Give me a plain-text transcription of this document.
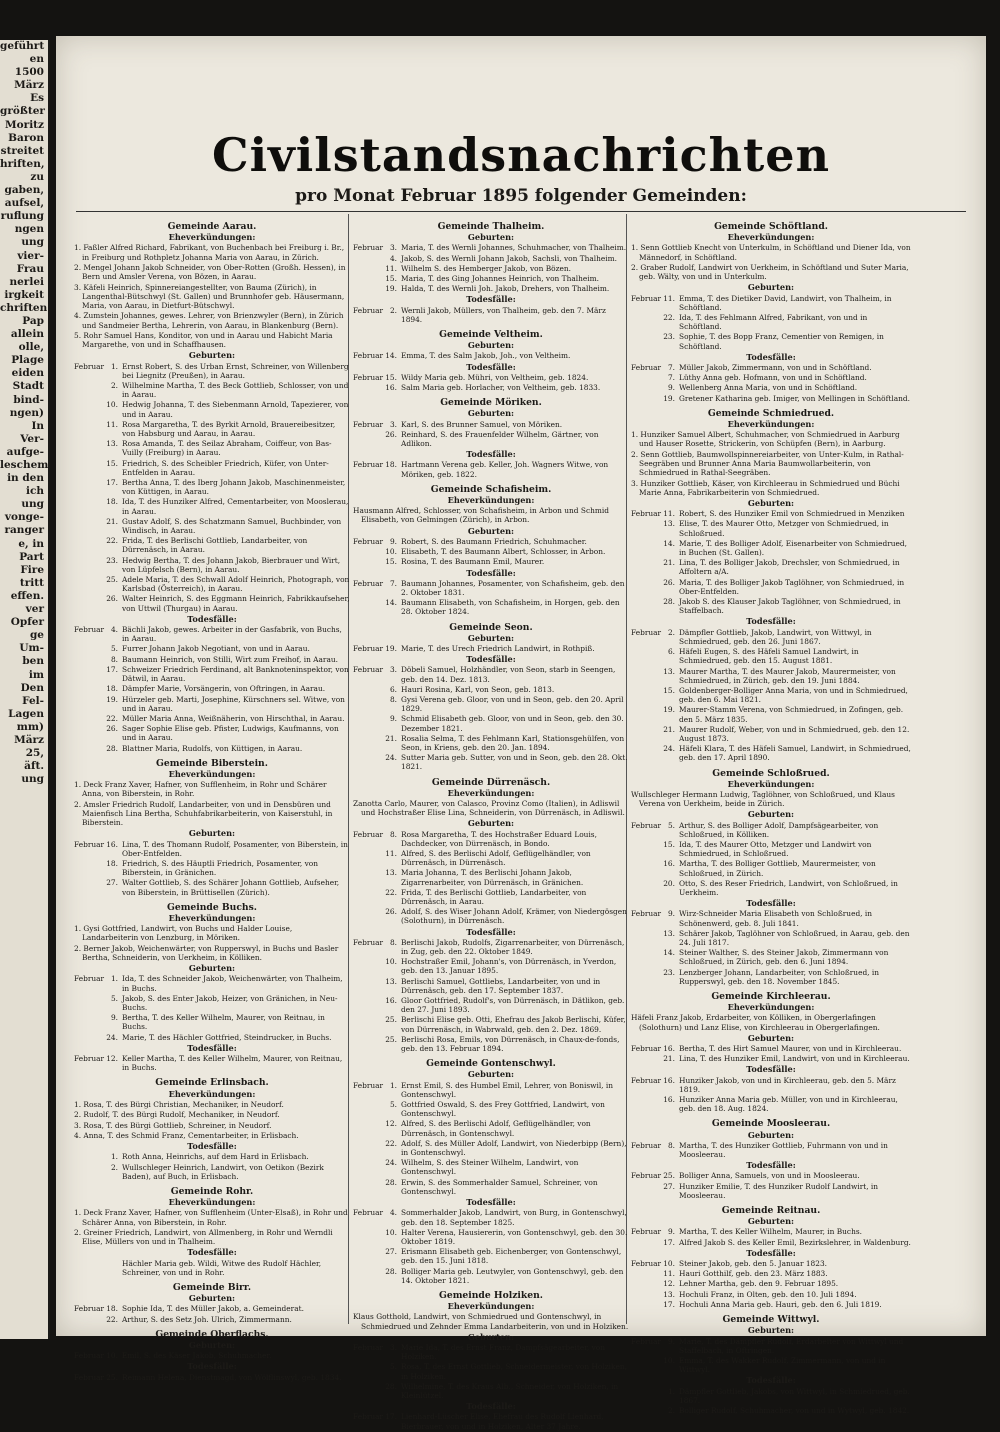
geführt
en
1500
März
Es
größter
Moritz
Baron
streitet
hriften,
zu
gaben,
aufsel,
ruflung
ngen
ung
vier-
Frau
nerlei
irgkeit
chriften
Pap
allein
olle,
Plage
eiden
Stadt
bind-
ngen)
In
Ver-
aufge-
leschem
in den
ich
ung
vonge-
ranger
e, in
Part
Fire
tritt
effen.
ver
Opfer
ge
Um-
ben
im
Den
Fel-
Lagen
mm)
März
25,
äft.
ung
Civilstandsnachrichten
pro Monat Februar 1895 folgender Gemeinden:
Gemeinde Aarau.
Eheverkündungen:
1. Faßler Alfred Richard, Fabrikant, von Buchenbach bei Freiburg i. Br., in Freiburg und Rothpletz Johanna Maria von Aarau, in Zürich.
2. Mengel Johann Jakob Schneider, von Ober-Rotten (Großh. Hessen), in Bern und Amsler Verena, von Bözen, in Aarau.
3. Käfeli Heinrich, Spinnereiangestellter, von Bauma (Zürich), in Langenthal-Bütschwyl (St. Gallen) und Brunnhofer geb. Häusermann, Maria, von Aarau, in Dietfurt-Bütschwyl.
4. Zumstein Johannes, gewes. Lehrer, von Brienzwyler (Bern), in Zürich und Sandmeier Bertha, Lehrerin, von Aarau, in Blankenburg (Bern).
5. Rohr Samuel Hans, Konditor, von und in Aarau und Habicht Maria Margarethe, von und in Schaffhausen.
Geburten:
Februar 1. Ernst Robert, S. des Urban Ernst, Schreiner, von Willenberg bei Liegnitz (Preußen), in Aarau.
2. Wilhelmine Martha, T. des Beck Gottlieb, Schlosser, von und in Aarau.
10. Hedwig Johanna, T. des Siebenmann Arnold, Tapezierer, von und in Aarau.
11. Rosa Margaretha, T. des Byrkit Arnold, Brauereibesitzer, von Habsburg und Aarau, in Aarau.
13. Rosa Amanda, T. des Seilaz Abraham, Coiffeur, von Bas-Vuilly (Freiburg) in Aarau.
15. Friedrich, S. des Scheibler Friedrich, Küfer, von Unter-Entfelden in Aarau.
17. Bertha Anna, T. des Iberg Johann Jakob, Maschinenmeister, von Küttigen, in Aarau.
18. Ida, T. des Hunziker Alfred, Cementarbeiter, von Mooslerau, in Aarau.
21. Gustav Adolf, S. des Schatzmann Samuel, Buchbinder, von Windisch, in Aarau.
22. Frida, T. des Berlischi Gottlieb, Landarbeiter, von Dürrenäsch, in Aarau.
23. Hedwig Bertha, T. des Johann Jakob, Bierbrauer und Wirt, von Lüpfelsch (Bern), in Aarau.
25. Adele Maria, T. des Schwall Adolf Heinrich, Photograph, von Karlsbad (Österreich), in Aarau.
26. Walter Heinrich, S. des Eggmann Heinrich, Fabrikkaufseher, von Uttwil (Thurgau) in Aarau.
Todesfälle:
Februar 4. Bächli Jakob, gewes. Arbeiter in der Gasfabrik, von Buchs, in Aarau.
5. Furrer Johann Jakob Negotiant, von und in Aarau.
8. Baumann Heinrich, von Stilli, Wirt zum Freihof, in Aarau.
17. Schweizer Friedrich Ferdinand, alt Banknoteninspektor, von Dätwil, in Aarau.
18. Dämpfer Marie, Vorsängerin, von Oftringen, in Aarau.
19. Hürzeler geb. Marti, Josephine, Kürschners sel. Witwe, von und in Aarau.
22. Müller Maria Anna, Weißnäherin, von Hirschthal, in Aarau.
26. Sager Sophie Elise geb. Pfister, Ludwigs, Kaufmanns, von und in Aarau.
28. Blattner Maria, Rudolfs, von Küttigen, in Aarau.
Gemeinde Biberstein.
Eheverkündungen:
1. Deck Franz Xaver, Hafner, von Sufflenheim, in Rohr und Schärer Anna, von Biberstein, in Rohr.
2. Amsler Friedrich Rudolf, Landarbeiter, von und in Densbüren und Maienfisch Lina Bertha, Schuhfabrikarbeiterin, von Kaiserstuhl, in Biberstein.
Geburten:
Februar 16. Lina, T. des Thomann Rudolf, Posamenter, von Biberstein, in Ober-Entfelden.
18. Friedrich, S. des Häuptli Friedrich, Posamenter, von Biberstein, in Gränichen.
27. Walter Gottlieb, S. des Schärer Johann Gottlieb, Aufseher, von Biberstein, in Brüttisellen (Zürich).
Gemeinde Buchs.
Eheverkündungen:
1. Gysi Gottfried, Landwirt, von Buchs und Halder Louise, Landarbeiterin von Lenzburg, in Möriken.
2. Berner Jakob, Weichenwärter, von Rupperswyl, in Buchs und Basler Bertha, Schneiderin, von Uerkheim, in Kölliken.
Geburten:
Februar 1. Ida, T. des Schneider Jakob, Weichenwärter, von Thalheim, in Buchs.
5. Jakob, S. des Enter Jakob, Heizer, von Gränichen, in Neu-Buchs.
9. Bertha, T. des Keller Wilhelm, Maurer, von Reitnau, in Buchs.
24. Marie, T. des Hächler Gottfried, Steindrucker, in Buchs.
Todesfälle:
Februar 12. Keller Martha, T. des Keller Wilhelm, Maurer, von Reitnau, in Buchs.
Gemeinde Erlinsbach.
Eheverkündungen:
1. Rosa, T. des Bürgi Christian, Mechaniker, in Neudorf.
2. Rudolf, T. des Bürgi Rudolf, Mechaniker, in Neudorf.
3. Rosa, T. des Bürgi Gottlieb, Schreiner, in Neudorf.
4. Anna, T. des Schmid Franz, Cementarbeiter, in Erlisbach.
Todesfälle:
1. Roth Anna, Heinrichs, auf dem Hard in Erlisbach.
2. Wullschleger Heinrich, Landwirt, von Oetikon (Bezirk Baden), auf Buch, in Erlisbach.
Gemeinde Rohr.
Eheverkündungen:
1. Deck Franz Xaver, Hafner, von Sufflenheim (Unter-Elsaß), in Rohr und Schärer Anna, von Biberstein, in Rohr.
2. Greiner Friedrich, Landwirt, von Allmenberg, in Rohr und Werndli Elise, Müllers von und in Thalheim.
Todesfälle:
Hächler Maria geb. Wildi, Witwe des Rudolf Hächler, Schreiner, von und in Rohr.
Gemeinde Birr.
Geburten:
Februar 18. Sophie Ida, T. des Müller Jakob, a. Gemeinderat.
22. Arthur, S. des Setz Joh. Ulrich, Zimmermann.
Gemeinde Oberflachs.
Geburten:
Februar 10. Emil, S. des Käser Jakob, Schuhmacher.
Todesfälle:
Februar 25. Reimann Helena, Dienstmagd, von Wölflinswyl, geb. 1834.
Gemeinde Thalheim.
Geburten:
Februar 3. Maria, T. des Wernli Johannes, Schuhmacher, von Thalheim.
4. Jakob, S. des Wernli Johann Jakob, Sachsli, von Thalheim.
11. Wilhelm S. des Hemberger Jakob, von Bözen.
15. Maria, T. des Ging Johannes Heinrich, von Thalheim.
19. Halda, T. des Wernli Joh. Jakob, Drehers, von Thalheim.
Todesfälle:
Februar 2. Wernli Jakob, Müllers, von Thalheim, geb. den 7. März 1894.
Gemeinde Veltheim.
Geburten:
Februar 14. Emma, T. des Salm Jakob, Joh., von Veltheim.
Todesfälle:
Februar 15. Wildy Maria geb. Mühri, von Veltheim, geb. 1824.
16. Salm Maria geb. Horlacher, von Veltheim, geb. 1833.
Gemeinde Möriken.
Geburten:
Februar 3. Karl, S. des Brunner Samuel, von Möriken.
26. Reinhard, S. des Frauenfelder Wilhelm, Gärtner, von Adlikon.
Todesfälle:
Februar 18. Hartmann Verena geb. Keller, Joh. Wagners Witwe, von Möriken, geb. 1822.
Gemeinde Schafisheim.
Eheverkündungen:
Hausmann Alfred, Schlosser, von Schafisheim, in Arbon und Schmid Elisabeth, von Gelmingen (Zürich), in Arbon.
Geburten:
Februar 9. Robert, S. des Baumann Friedrich, Schuhmacher.
10. Elisabeth, T. des Baumann Albert, Schlosser, in Arbon.
15. Rosina, T. des Baumann Emil, Maurer.
Todesfälle:
Februar 7. Baumann Johannes, Posamenter, von Schafisheim, geb. den 2. Oktober 1831.
14. Baumann Elisabeth, von Schafisheim, in Horgen, geb. den 28. Oktober 1824.
Gemeinde Seon.
Geburten:
Februar 19. Marie, T. des Urech Friedrich Landwirt, in Rothpiß.
Todesfälle:
Februar 3. Döbeli Samuel, Holzhändler, von Seon, starb in Seengen, geb. den 14. Dez. 1813.
6. Hauri Rosina, Karl, von Seon, geb. 1813.
8. Gysi Verena geb. Gloor, von und in Seon, geb. den 20. April 1829.
9. Schmid Elisabeth geb. Gloor, von und in Seon, geb. den 30. Dezember 1821.
21. Rosalia Selma, T. des Fehlmann Karl, Stationsgehülfen, von Seon, in Kriens, geb. den 20. Jan. 1894.
24. Sutter Maria geb. Sutter, von und in Seon, geb. den 28. Okt. 1821.
Gemeinde Dürrenäsch.
Eheverkündungen:
Zanotta Carlo, Maurer, von Calasco, Provinz Como (Italien), in Adliswil und Hochstraßer Elise Lina, Schneiderin, von Dürrenäsch, in Adliswil.
Geburten:
Februar 8. Rosa Margaretha, T. des Hochstraßer Eduard Louis, Dachdecker, von Dürrenäsch, in Bondo.
11. Alfred, S. des Berlischi Adolf, Geflügelhändler, von Dürrenäsch, in Dürrenäsch.
13. Maria Johanna, T. des Berlischi Johann Jakob, Zigarrenarbeiter, von Dürrenäsch, in Gränichen.
22. Frida, T. des Berlischi Gottlieb, Landarbeiter, von Dürrenäsch, in Aarau.
26. Adolf, S. des Wiser Johann Adolf, Krämer, von Niedergösgen (Solothurn), in Dürrenäsch.
Todesfälle:
Februar 8. Berlischi Jakob, Rudolfs, Zigarrenarbeiter, von Dürrenäsch, in Zug, geb. den 22. Oktober 1849.
10. Hochstraßer Emil, Johann's, von Dürrenäsch, in Yverdon, geb. den 13. Januar 1895.
13. Berlischi Samuel, Gottliebs, Landarbeiter, von und in Dürrenäsch, geb. den 17. September 1837.
16. Gloor Gottfried, Rudolf's, von Dürrenäsch, in Dätlikon, geb. den 27. Juni 1893.
25. Berlischi Elise geb. Otti, Ehefrau des Jakob Berlischi, Küfer, von Dürrenäsch, in Wabrwald, geb. den 2. Dez. 1869.
25. Berlischi Rosa, Emils, von Dürrenäsch, in Chaux-de-fonds, geb. den 13. Februar 1894.
Gemeinde Gontenschwyl.
Geburten:
Februar 1. Ernst Emil, S. des Humbel Emil, Lehrer, von Boniswil, in Gontenschwyl.
5. Gottfried Oswald, S. des Frey Gottfried, Landwirt, von Gontenschwyl.
12. Alfred, S. des Berlischi Adolf, Geflügelhändler, von Dürrenäsch, in Gontenschwyl.
22. Adolf, S. des Müller Adolf, Landwirt, von Niederbipp (Bern), in Gontenschwyl.
24. Wilhelm, S. des Steiner Wilhelm, Landwirt, von Gontenschwyl.
28. Erwin, S. des Sommerhalder Samuel, Schreiner, von Gontenschwyl.
Todesfälle:
Februar 4. Sommerhalder Jakob, Landwirt, von Burg, in Gontenschwyl, geb. den 18. September 1825.
10. Halter Verena, Hausiererin, von Gontenschwyl, geb. den 30. Oktober 1819.
27. Erismann Elisabeth geb. Eichenberger, von Gontenschwyl, geb. den 15. Juni 1818.
28. Bolliger Maria geb. Leutwyler, von Gontenschwyl, geb. den 14. Oktober 1821.
Gemeinde Holziken.
Eheverkündungen:
Klaus Gotthold, Landwirt, von Schmiedrued und Gontenschwyl, in Schmiedrued und Zehnder Emma Landarbeiterin, von und in Holziken.
Geburten:
Februar 3. Marie Ida, T. des Ernst Franz, Dampfsägearbeiter, von Holziken.
5. Rosa, T. des Ernst Gottlieb, Schneidermeister, von Holziken, in Holziken.
28. Wilhelmine, T. des Kraus Alb., Schneider, von Holziken, in Kleinlützel.
Todesfälle:
Februar 17. Lienhard-Lüscher Elise, Ehefrau des Rudolf Lienhard, Bierbrauer, von und in Holziken, Alter 37 Jahre.
Gemeinde Schöftland.
Eheverkündungen:
1. Senn Gottlieb Knecht von Unterkulm, in Schöftland und Diener Ida, von Männedorf, in Schöftland.
2. Graber Rudolf, Landwirt von Uerkheim, in Schöftland und Suter Maria, geb. Wälty, von und in Unterkulm.
Geburten:
Februar 11. Emma, T. des Dietiker David, Landwirt, von Thalheim, in Schöftland.
22. Ida, T. des Fehlmann Alfred, Fabrikant, von und in Schöftland.
23. Sophie, T. des Bopp Franz, Cementier von Remigen, in Schöftland.
Todesfälle:
Februar 7. Müller Jakob, Zimmermann, von und in Schöftland.
7. Lüthy Anna geb. Hofmann, von und in Schöftland.
9. Wellenberg Anna Maria, von und in Schöftland.
19. Gretener Katharina geb. Imiger, von Mellingen in Schöftland.
Gemeinde Schmiedrued.
Eheverkündungen:
1. Hunziker Samuel Albert, Schuhmacher, von Schmiedrued in Aarburg und Hauser Rosette, Strickerin, von Schüpfen (Bern), in Aarburg.
2. Senn Gottlieb, Baumwollspinnereiarbeiter, von Unter-Kulm, in Rathal-Seegräben und Brunner Anna Maria Baumwollarbeiterin, von Schmiedrued in Rathal-Seegräben.
3. Hunziker Gottlieb, Käser, von Kirchleerau in Schmiedrued und Büchi Marie Anna, Fabrikarbeiterin von Schmiedrued.
Geburten:
Februar 11. Robert, S. des Hunziker Emil von Schmiedrued in Menziken
13. Elise, T. des Maurer Otto, Metzger von Schmiedrued, in Schloßrued.
14. Marie, T. des Bolliger Adolf, Eisenarbeiter von Schmiedrued, in Buchen (St. Gallen).
21. Lina, T. des Bolliger Jakob, Drechsler, von Schmiedrued, in Affoltern a/A.
26. Maria, T. des Bolliger Jakob Taglöhner, von Schmiedrued, in Ober-Entfelden.
28. Jakob S. des Klauser Jakob Taglöhner, von Schmiedrued, in Staffelbach.
Todesfälle:
Februar 2. Dämpfler Gottlieb, Jakob, Landwirt, von Wittwyl, in Schmiedrued, geb. den 26. Juni 1867.
6. Häfeli Eugen, S. des Häfeli Samuel Landwirt, in Schmiedrued, geb. den 15. August 1881.
13. Maurer Martha, T. des Maurer Jakob, Maurermeister, von Schmiedrued, in Zürich, geb. den 19. Juni 1884.
15. Goldenberger-Bolliger Anna Maria, von und in Schmiedrued, geb. den 6. Mai 1821.
19. Maurer-Stamm Verena, von Schmiedrued, in Zofingen, geb. den 5. März 1835.
21. Maurer Rudolf, Weber, von und in Schmiedrued, geb. den 12. August 1873.
24. Häfeli Klara, T. des Häfeli Samuel, Landwirt, in Schmiedrued, geb. den 17. April 1890.
Gemeinde Schloßrued.
Eheverkündungen:
Wullschleger Hermann Ludwig, Taglöhner, von Schloßrued, und Klaus Verena von Uerkheim, beide in Zürich.
Geburten:
Februar 5. Arthur, S. des Bolliger Adolf, Dampfsägearbeiter, von Schloßrued, in Kölliken.
15. Ida, T. des Maurer Otto, Metzger und Landwirt von Schmiedrued, in Schloßrued.
16. Martha, T. des Bolliger Gottlieb, Maurermeister, von Schloßrued, in Zürich.
20. Otto, S. des Reser Friedrich, Landwirt, von Schloßrued, in Uerkheim.
Todesfälle:
Februar 9. Wirz-Schneider Maria Elisabeth von Schloßrued, in Schönenwerd, geb. 8. Juli 1841.
13. Schärer Jakob, Taglöhner von Schloßrued, in Aarau, geb. den 24. Juli 1817.
14. Steiner Walther, S. des Steiner Jakob, Zimmermann von Schloßrued, in Zürich, geb. den 6. Juni 1894.
23. Lenzberger Johann, Landarbeiter, von Schloßrued, in Rupperswyl, geb. den 18. November 1845.
Gemeinde Kirchleerau.
Eheverkündungen:
Häfeli Franz Jakob, Erdarbeiter, von Kölliken, in Obergerlafingen (Solothurn) und Lanz Elise, von Kirchleerau in Obergerlafingen.
Geburten:
Februar 16. Bertha, T. des Hirt Samuel Maurer, von und in Kirchleerau.
21. Lina, T. des Hunziker Emil, Landwirt, von und in Kirchleerau.
Todesfälle:
Februar 16. Hunziker Jakob, von und in Kirchleerau, geb. den 5. März 1819.
16. Hunziker Anna Maria geb. Müller, von und in Kirchleerau, geb. den 18. Aug. 1824.
Gemeinde Moosleerau.
Geburten:
Februar 8. Martha, T. des Hunziker Gottlieb, Fuhrmann von und in Moosleerau.
Todesfälle:
Februar 25. Bolliger Anna, Samuels, von und in Moosleerau.
27. Hunziker Emilie, T. des Hunziker Rudolf Landwirt, in Moosleerau.
Gemeinde Reitnau.
Geburten:
Februar 9. Martha, T. des Keller Wilhelm, Maurer, in Buchs.
17. Alfred Jakob S. des Keller Emil, Bezirkslehrer, in Waldenburg.
Todesfälle:
Februar 10. Steiner Jakob, geb. den 5. Januar 1823.
11. Hauri Gotthilf, geb. den 23. März 1883.
12. Lehner Martha, geb. den 9. Februar 1895.
13. Hochuli Franz, in Olten, geb. den 10. Juli 1894.
17. Hochuli Anna Maria geb. Hauri, geb. den 6. Juli 1819.
Gemeinde Wittwyl.
Geburten:
Februar 9. Marie, T. des Dämpfler Rudolf, Erdarbeiter von Wittwyl und Staffelbach, in Oftringen.
10. Emma, T. des Wakker Rudolf, Zimmermann, von und in Wittwyl.
Todesfälle:
1. Dämpfler Gottlieb, Jakobs, von Wittwyl, in Schmiedrued, geb. 1867.
2. Bolliger Rudolf, Schuhmacher, von und in Wytwyl, geb. 1842.
